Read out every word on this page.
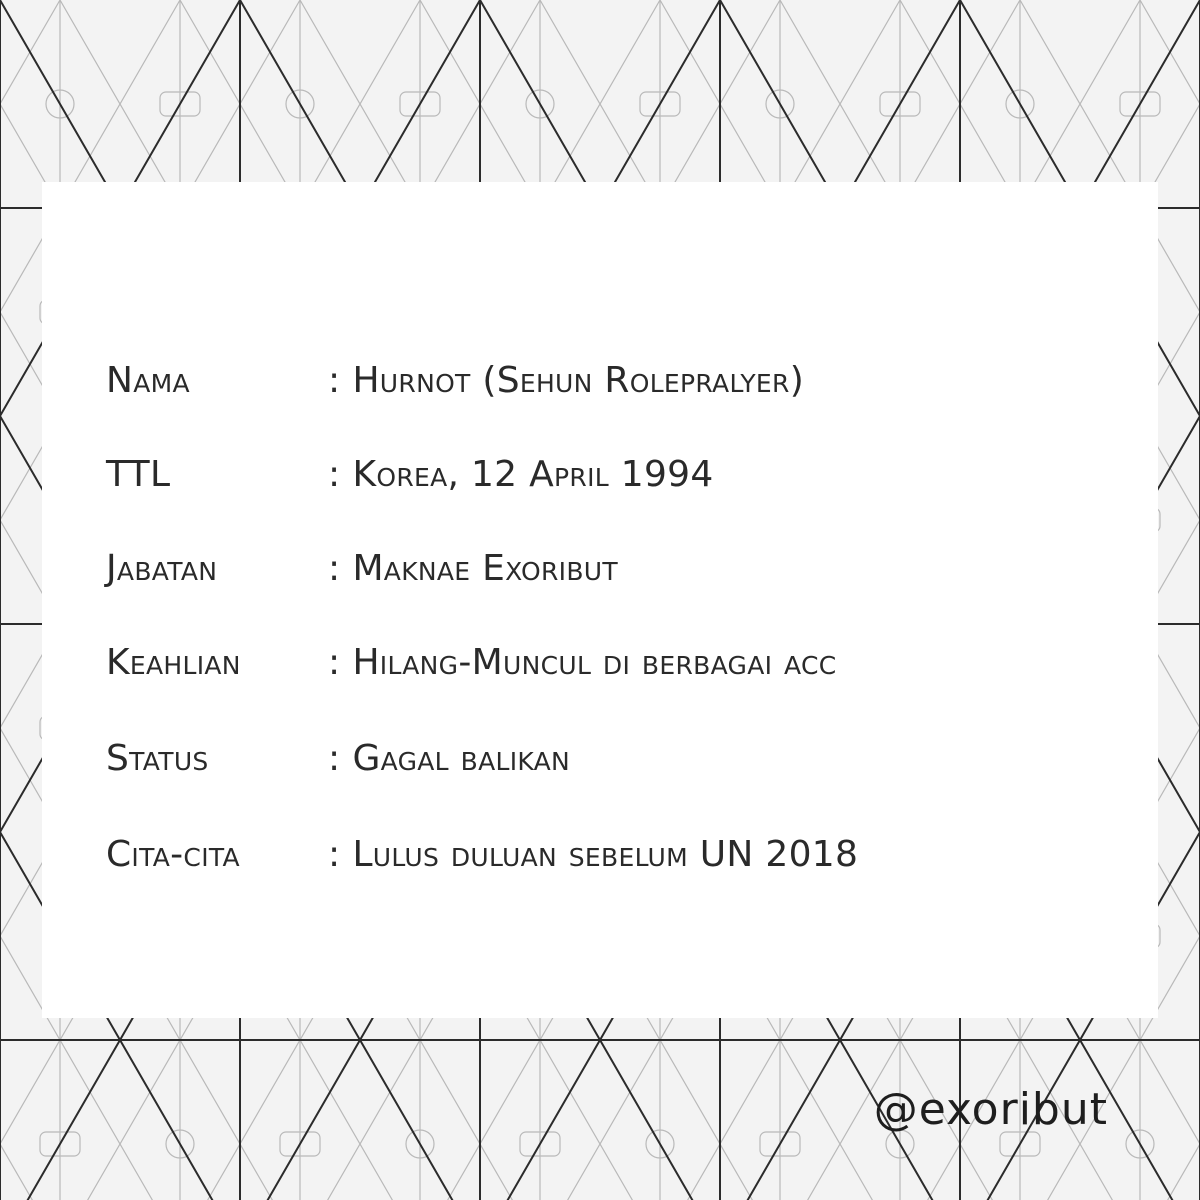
Nama	: Hurnot (Sehun Rolepralyer)
TTL	: Korea, 12 April 1994
Jabatan	: Maknae Exoribut
Keahlian : Hilang-Muncul di berbagai acc
Status	: Gagal balikan
Cita-cita : Lulus duluan sebelum UN 2018
@exoribut
